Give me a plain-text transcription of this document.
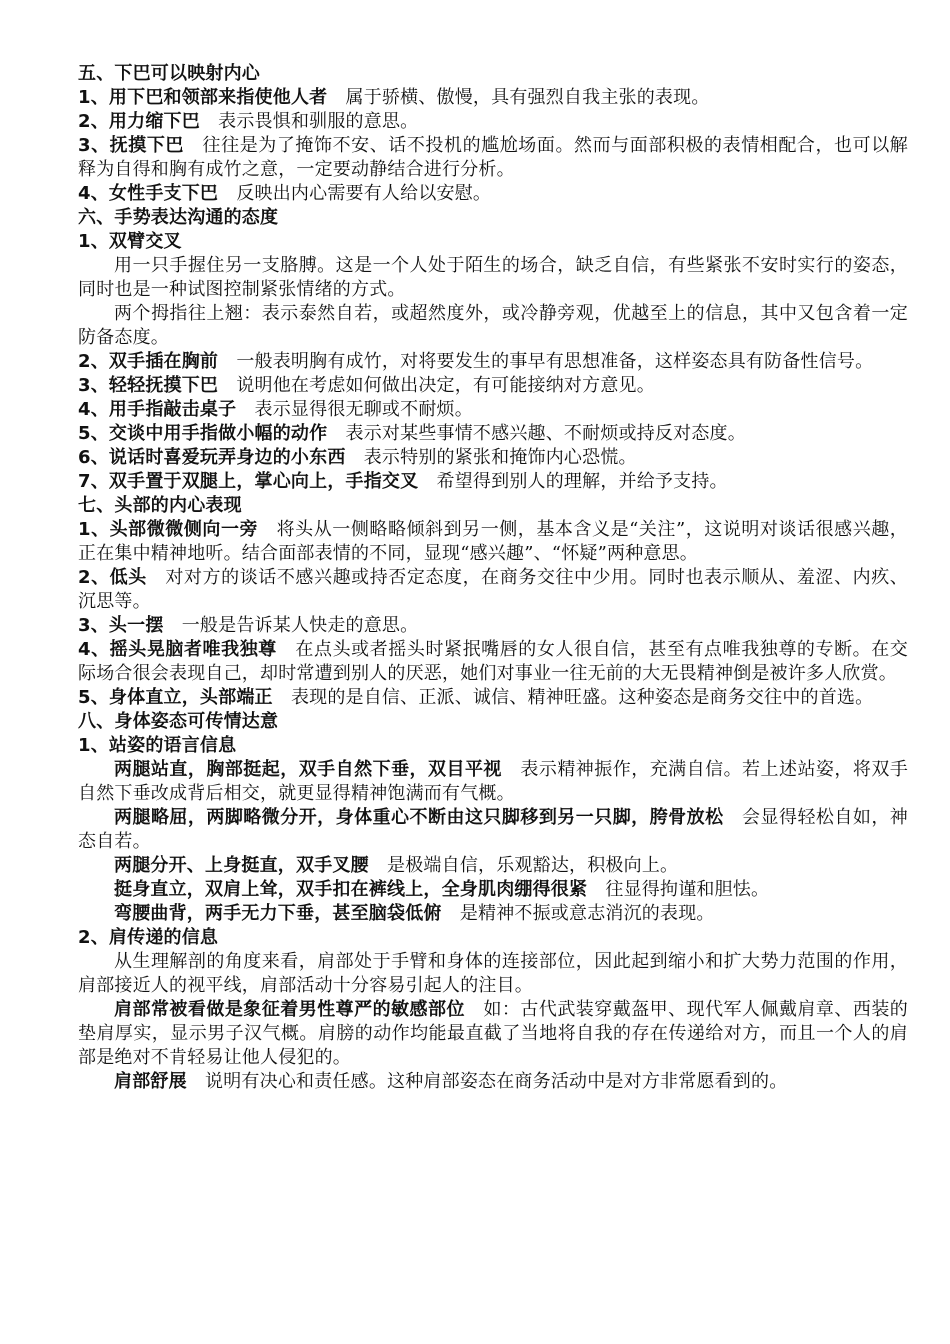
五、下巴可以映射内心

1、用下巴和领部来指使他人者　 属于骄横、傲慢，具有强烈自我主张的表现。

2、用力缩下巴　 表示畏惧和驯服的意思。

3、抚摸下巴　 往往是为了掩饰不安、话不投机的尴尬场面。然而与面部积极的表情相配合，也可以解释为自得和胸有成竹之意，一定要动静结合进行分析。

4、女性手支下巴　 反映出内心需要有人给以安慰。

六、手势表达沟通的态度

1、双臂交叉

用一只手握住另一支胳膊。这是一个人处于陌生的场合，缺乏自信，有些紧张不安时实行的姿态，同时也是一种试图控制紧张情绪的方式。

两个拇指往上翘：表示泰然自若，或超然度外，或冷静旁观，优越至上的信息，其中又包含着一定防备态度。

2、双手插在胸前　 一般表明胸有成竹，对将要发生的事早有思想准备，这样姿态具有防备性信号。

3、轻轻抚摸下巴　 说明他在考虑如何做出决定，有可能接纳对方意见。

4、用手指敲击桌子　 表示显得很无聊或不耐烦。

5、交谈中用手指做小幅的动作　 表示对某些事情不感兴趣、不耐烦或持反对态度。

6、说话时喜爱玩弄身边的小东西　 表示特别的紧张和掩饰内心恐慌。

7、双手置于双腿上，掌心向上，手指交叉　 希望得到别人的理解，并给予支持。

七、头部的内心表现

1、头部微微侧向一旁　 将头从一侧略略倾斜到另一侧，基本含义是“关注”，这说明对谈话很感兴趣，正在集中精神地听。结合面部表情的不同，显现“感兴趣”、“怀疑”两种意思。

2、低头　 对对方的谈话不感兴趣或持否定态度，在商务交往中少用。同时也表示顺从、羞涩、内疚、沉思等。

3、头一摆　 一般是告诉某人快走的意思。

4、摇头晃脑者唯我独尊　 在点头或者摇头时紧抿嘴唇的女人很自信，甚至有点唯我独尊的专断。在交际场合很会表现自己，却时常遭到别人的厌恶，她们对事业一往无前的大无畏精神倒是被许多人欣赏。

5、身体直立，头部端正　 表现的是自信、正派、诚信、精神旺盛。这种姿态是商务交往中的首选。

八、身体姿态可传情达意

1、站姿的语言信息

两腿站直，胸部挺起，双手自然下垂，双目平视　 表示精神振作，充满自信。若上述站姿，将双手自然下垂改成背后相交，就更显得精神饱满而有气概。

两腿略屈，两脚略微分开，身体重心不断由这只脚移到另一只脚，胯骨放松　 会显得轻松自如，神态自若。

两腿分开、上身挺直，双手叉腰　 是极端自信，乐观豁达，积极向上。

挺身直立，双肩上耸，双手扣在裤线上，全身肌肉绷得很紧　 往显得拘谨和胆怯。

弯腰曲背，两手无力下垂，甚至脑袋低俯　 是精神不振或意志消沉的表现。

2、肩传递的信息

从生理解剖的角度来看，肩部处于手臂和身体的连接部位，因此起到缩小和扩大势力范围的作用，肩部接近人的视平线，肩部活动十分容易引起人的注目。

肩部常被看做是象征着男性尊严的敏感部位　 如：古代武装穿戴盔甲、现代军人佩戴肩章、西装的垫肩厚实，显示男子汉气概。肩膀的动作均能最直截了当地将自我的存在传递给对方，而且一个人的肩部是绝对不肯轻易让他人侵犯的。

肩部舒展　 说明有决心和责任感。这种肩部姿态在商务活动中是对方非常愿看到的。
